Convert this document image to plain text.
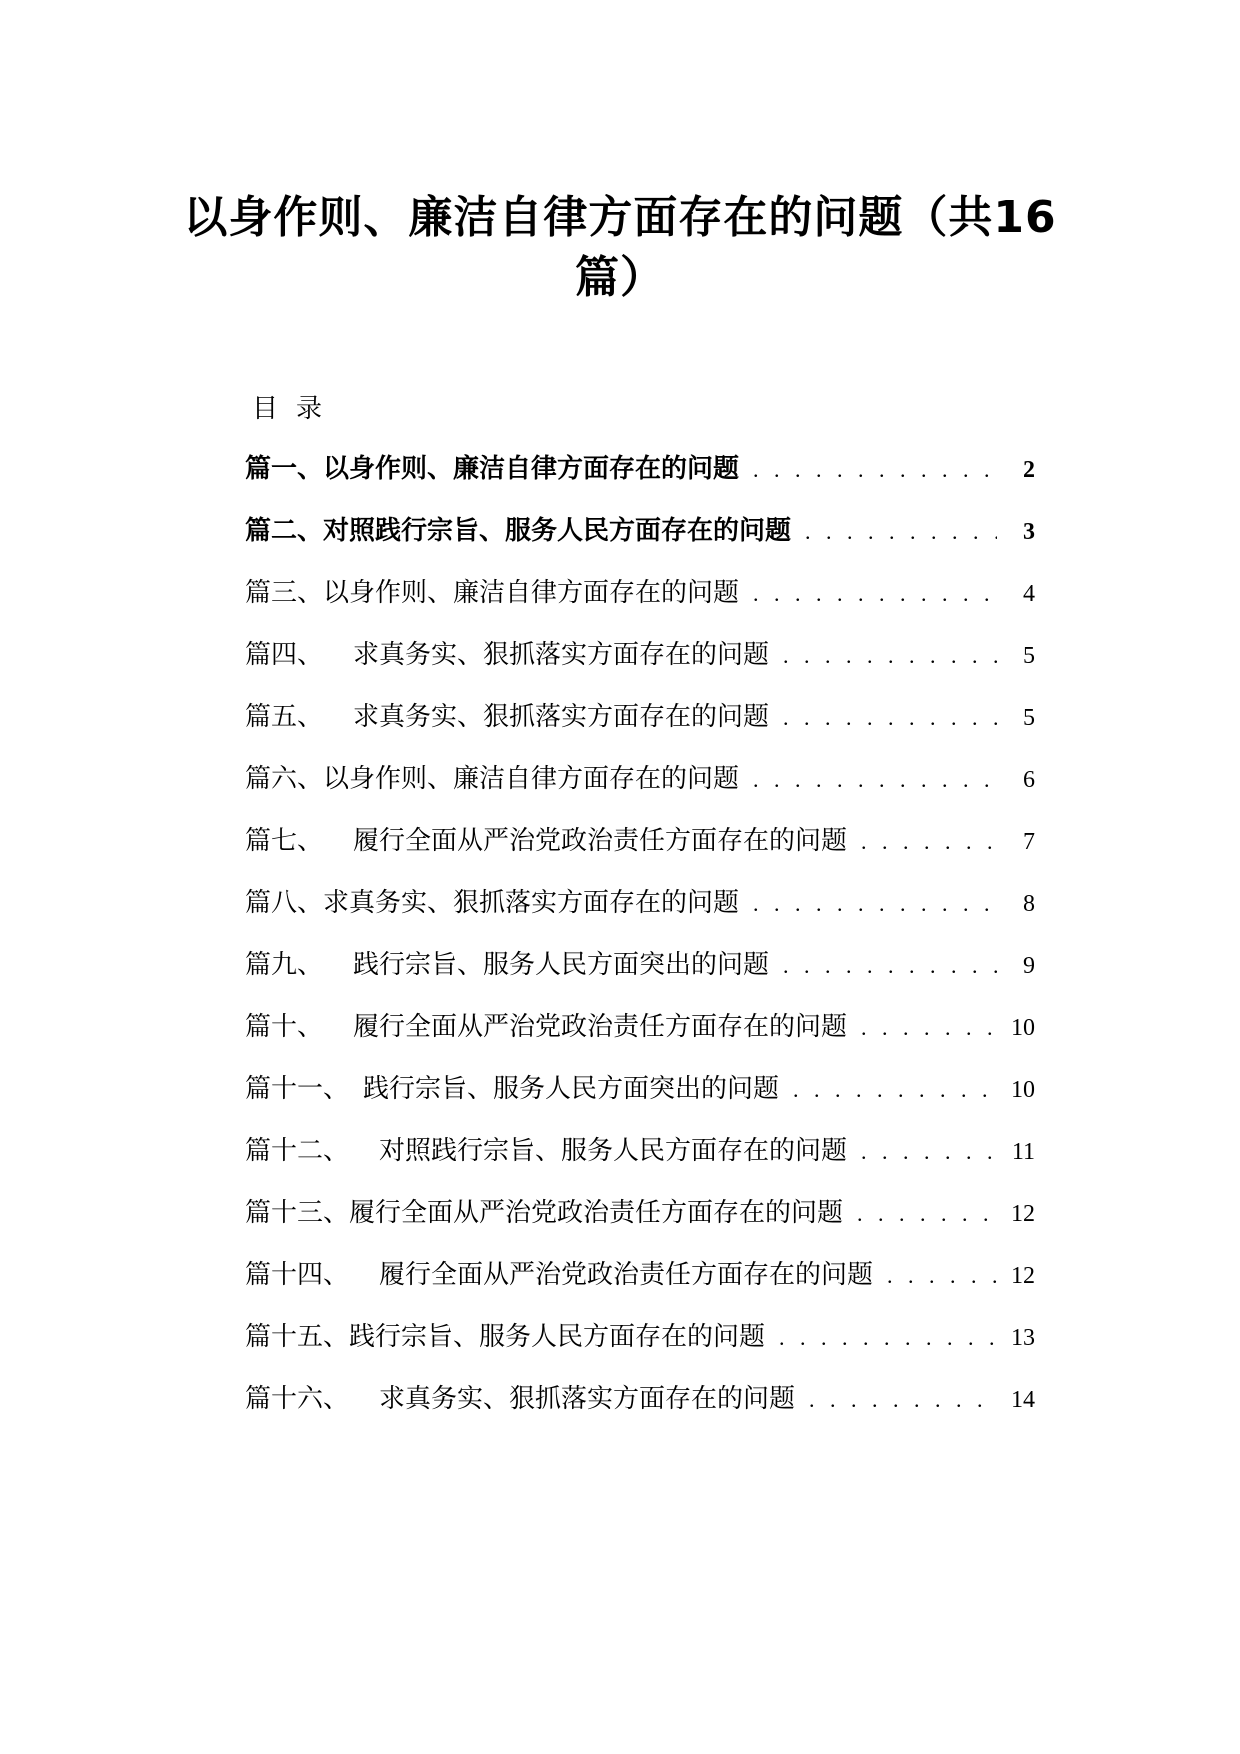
以身作则、廉洁自律方面存在的问题（共16
篇）
目录
篇一、以身作则、廉洁自律方面存在的问题 . . .	2
篇二、对照践行宗旨、服务人民方面存在的问题 . . .	3
篇三、以身作则、廉洁自律方面存在的问题 . . .	4
篇四、 求真务实、狠抓落实方面存在的问题 . . .	5
篇五、 求真务实、狠抓落实方面存在的问题 . . .	5
篇六、以身作则、廉洁自律方面存在的问题 . . .	6
篇七、 履行全面从严治党政治责任方面存在的问题 . . .	7
篇八、求真务实、狠抓落实方面存在的问题 . . .	8
篇九、 践行宗旨、服务人民方面突出的问题 . . .	9
篇十、 履行全面从严治党政治责任方面存在的问题 . . .	10
篇十一、 践行宗旨、服务人民方面突出的问题 . . .	10
篇十二、 对照践行宗旨、服务人民方面存在的问题 . . .	11
篇十三、履行全面从严治党政治责任方面存在的问题 . . .	12
篇十四、 履行全面从严治党政治责任方面存在的问题 . . .	12
篇十五、践行宗旨、服务人民方面存在的问题 . . .	13
篇十六、 求真务实、狠抓落实方面存在的问题 . . .	14
